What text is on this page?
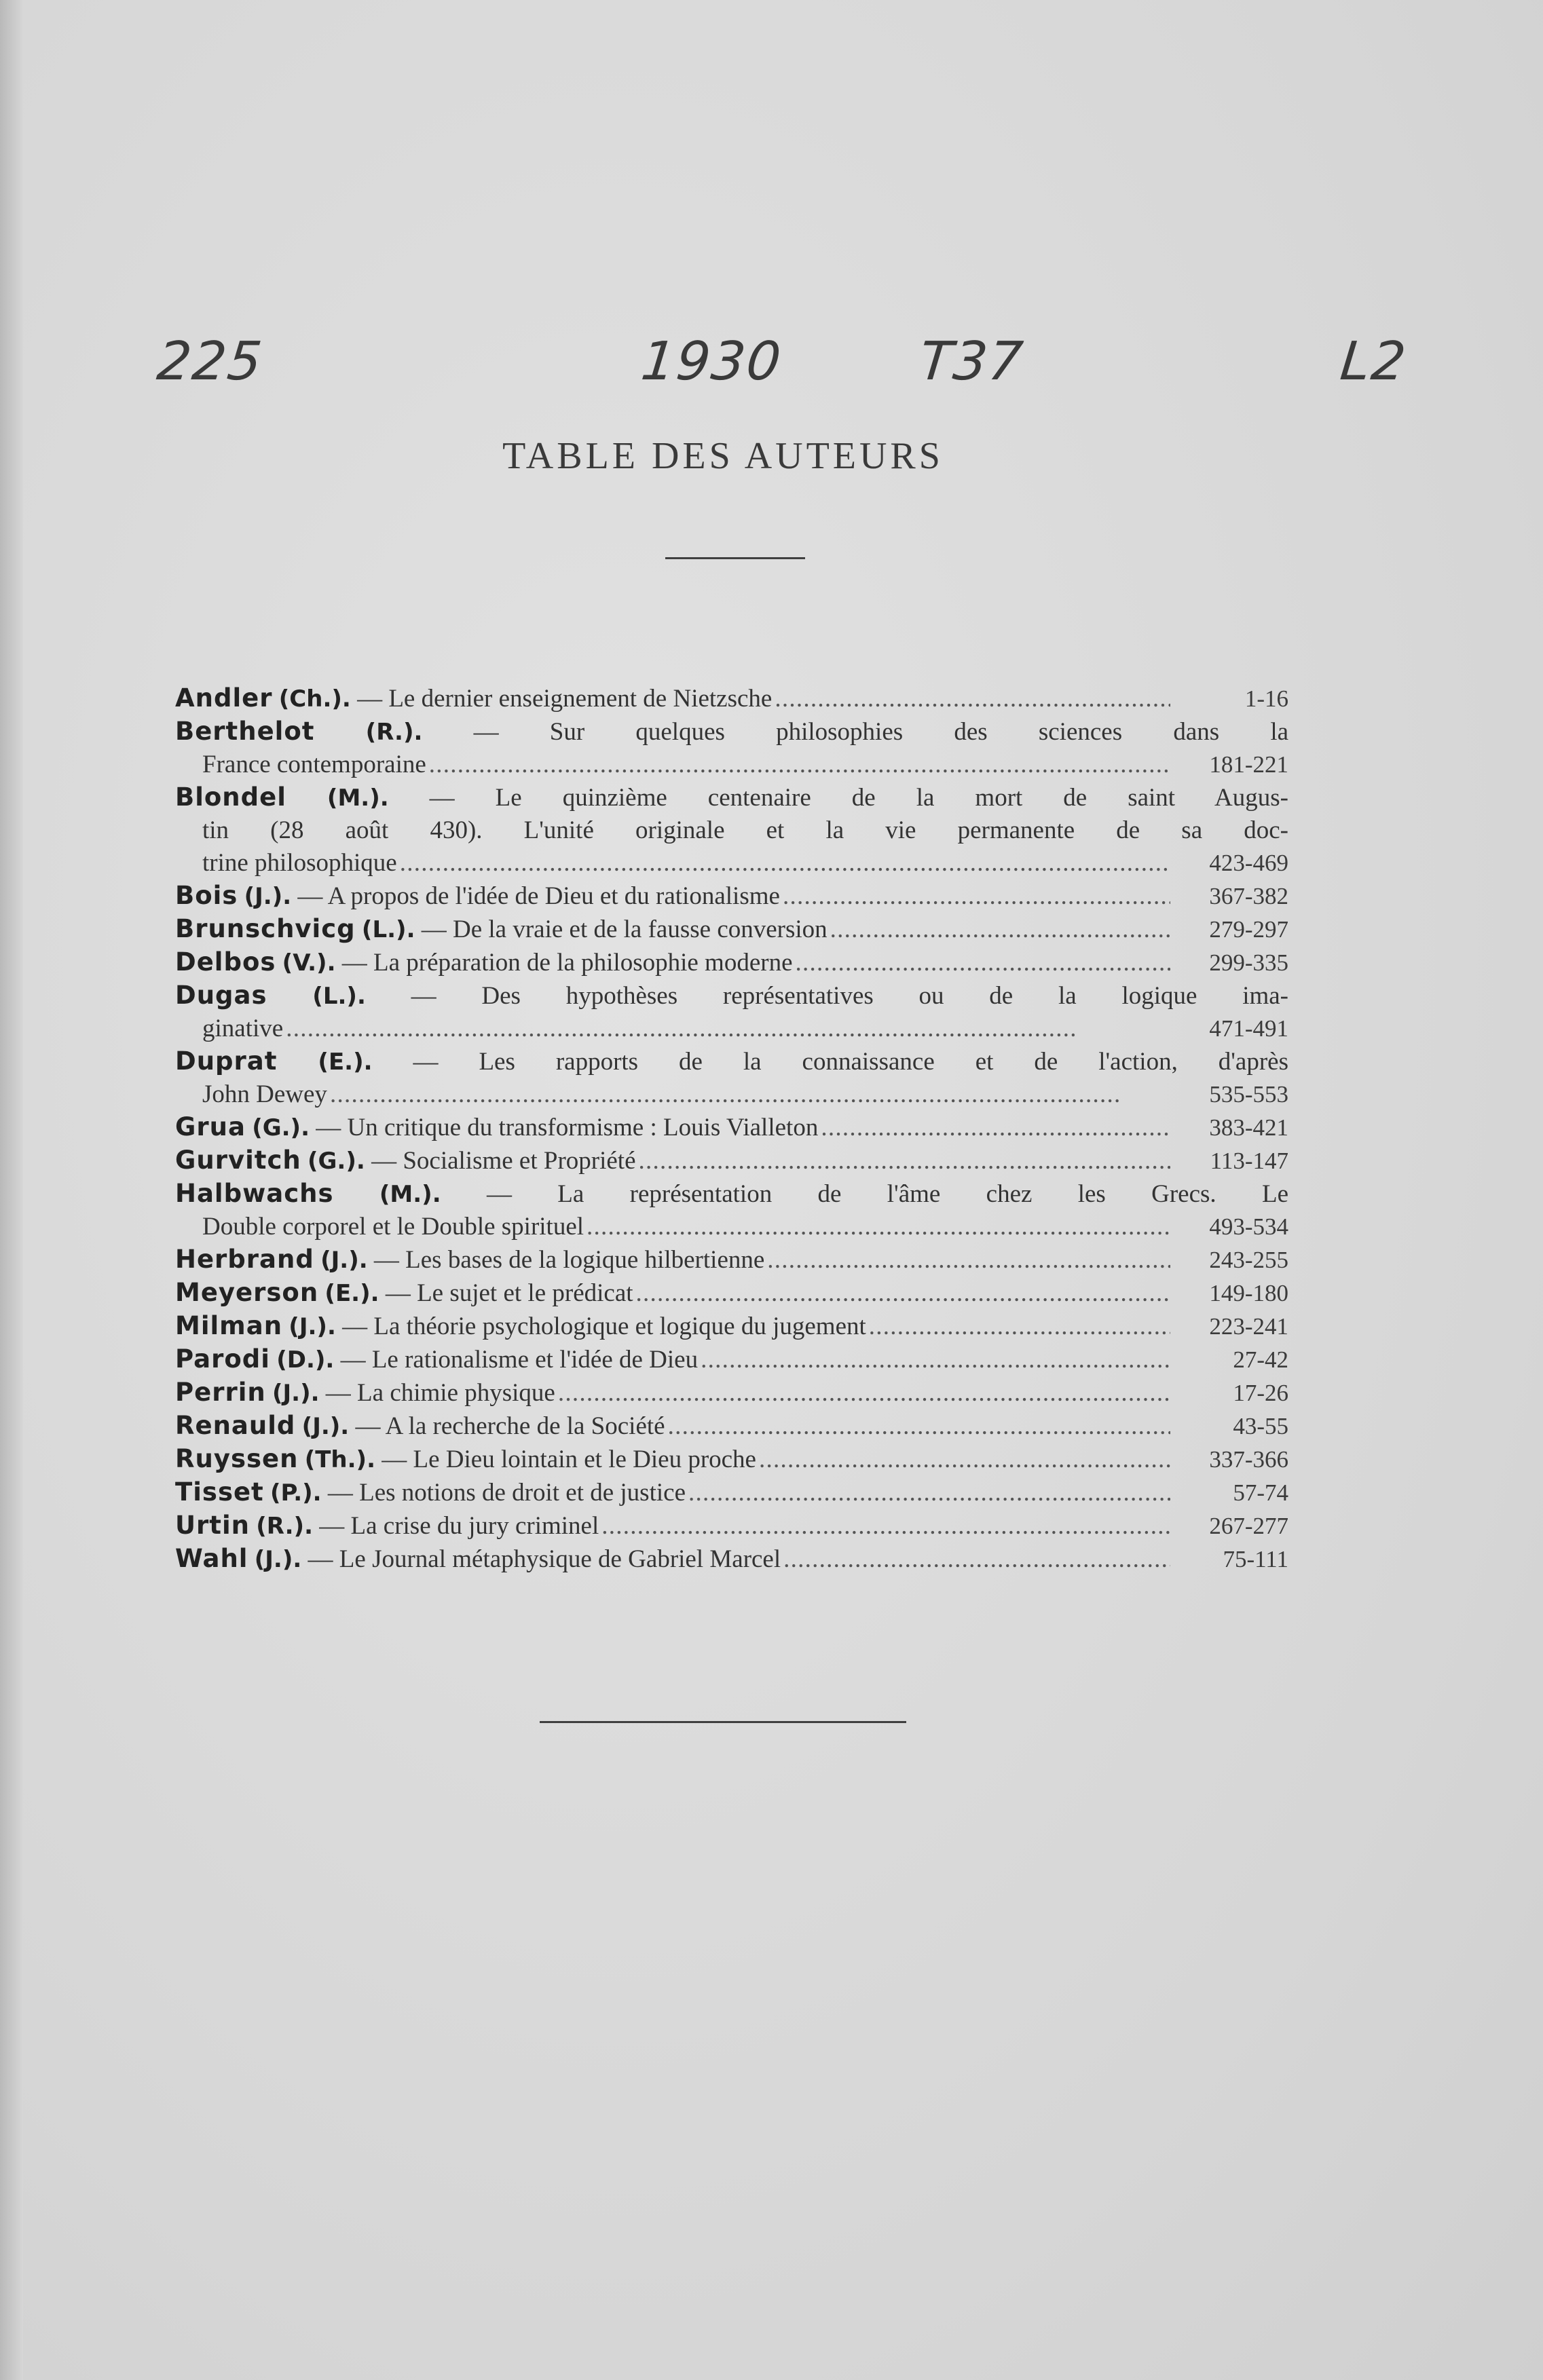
225	1930 T37	L2
TABLE DES AUTEURS
Andler (Ch.). — Le dernier enseignement de Nietzsche . . .	1-16
Berthelot (R.). — Sur quelques philosophies des sciences dans la
France contemporaine . . .	181-221
Blondel (M.). — Le quinzième centenaire de la mort de saint Augus-
tin (28 août 430). L'unité originale et la vie permanente de sa doc-
trine philosophique . . .	423-469
Bois (J.). — A propos de l'idée de Dieu et du rationalisme . . .	367-382
Brunschvicg (L.). — De la vraie et de la fausse conversion . . .	279-297
Delbos (V.). — La préparation de la philosophie moderne . . .	299-335
Dugas (L.). — Des hypothèses représentatives ou de la logique ima-
ginative . . .	471-491
Duprat (E.). — Les rapports de la connaissance et de l'action, d'après
John Dewey . . .	535-553
Grua (G.). — Un critique du transformisme : Louis Vialleton . . .	383-421
Gurvitch (G.). — Socialisme et Propriété . . .	113-147
Halbwachs (M.). — La représentation de l'âme chez les Grecs. Le
Double corporel et le Double spirituel . . .	493-534
Herbrand (J.). — Les bases de la logique hilbertienne . . .	243-255
Meyerson (E.). — Le sujet et le prédicat . . .	149-180
Milman (J.). — La théorie psychologique et logique du jugement . . .	223-241
Parodi (D.). — Le rationalisme et l'idée de Dieu . . .	27-42
Perrin (J.). — La chimie physique . . .	17-26
Renauld (J.). — A la recherche de la Société . . .	43-55
Ruyssen (Th.). — Le Dieu lointain et le Dieu proche . . .	337-366
Tisset (P.). — Les notions de droit et de justice . . .	57-74
Urtin (R.). — La crise du jury criminel . . .	267-277
Wahl (J.). — Le Journal métaphysique de Gabriel Marcel . . .	75-111
